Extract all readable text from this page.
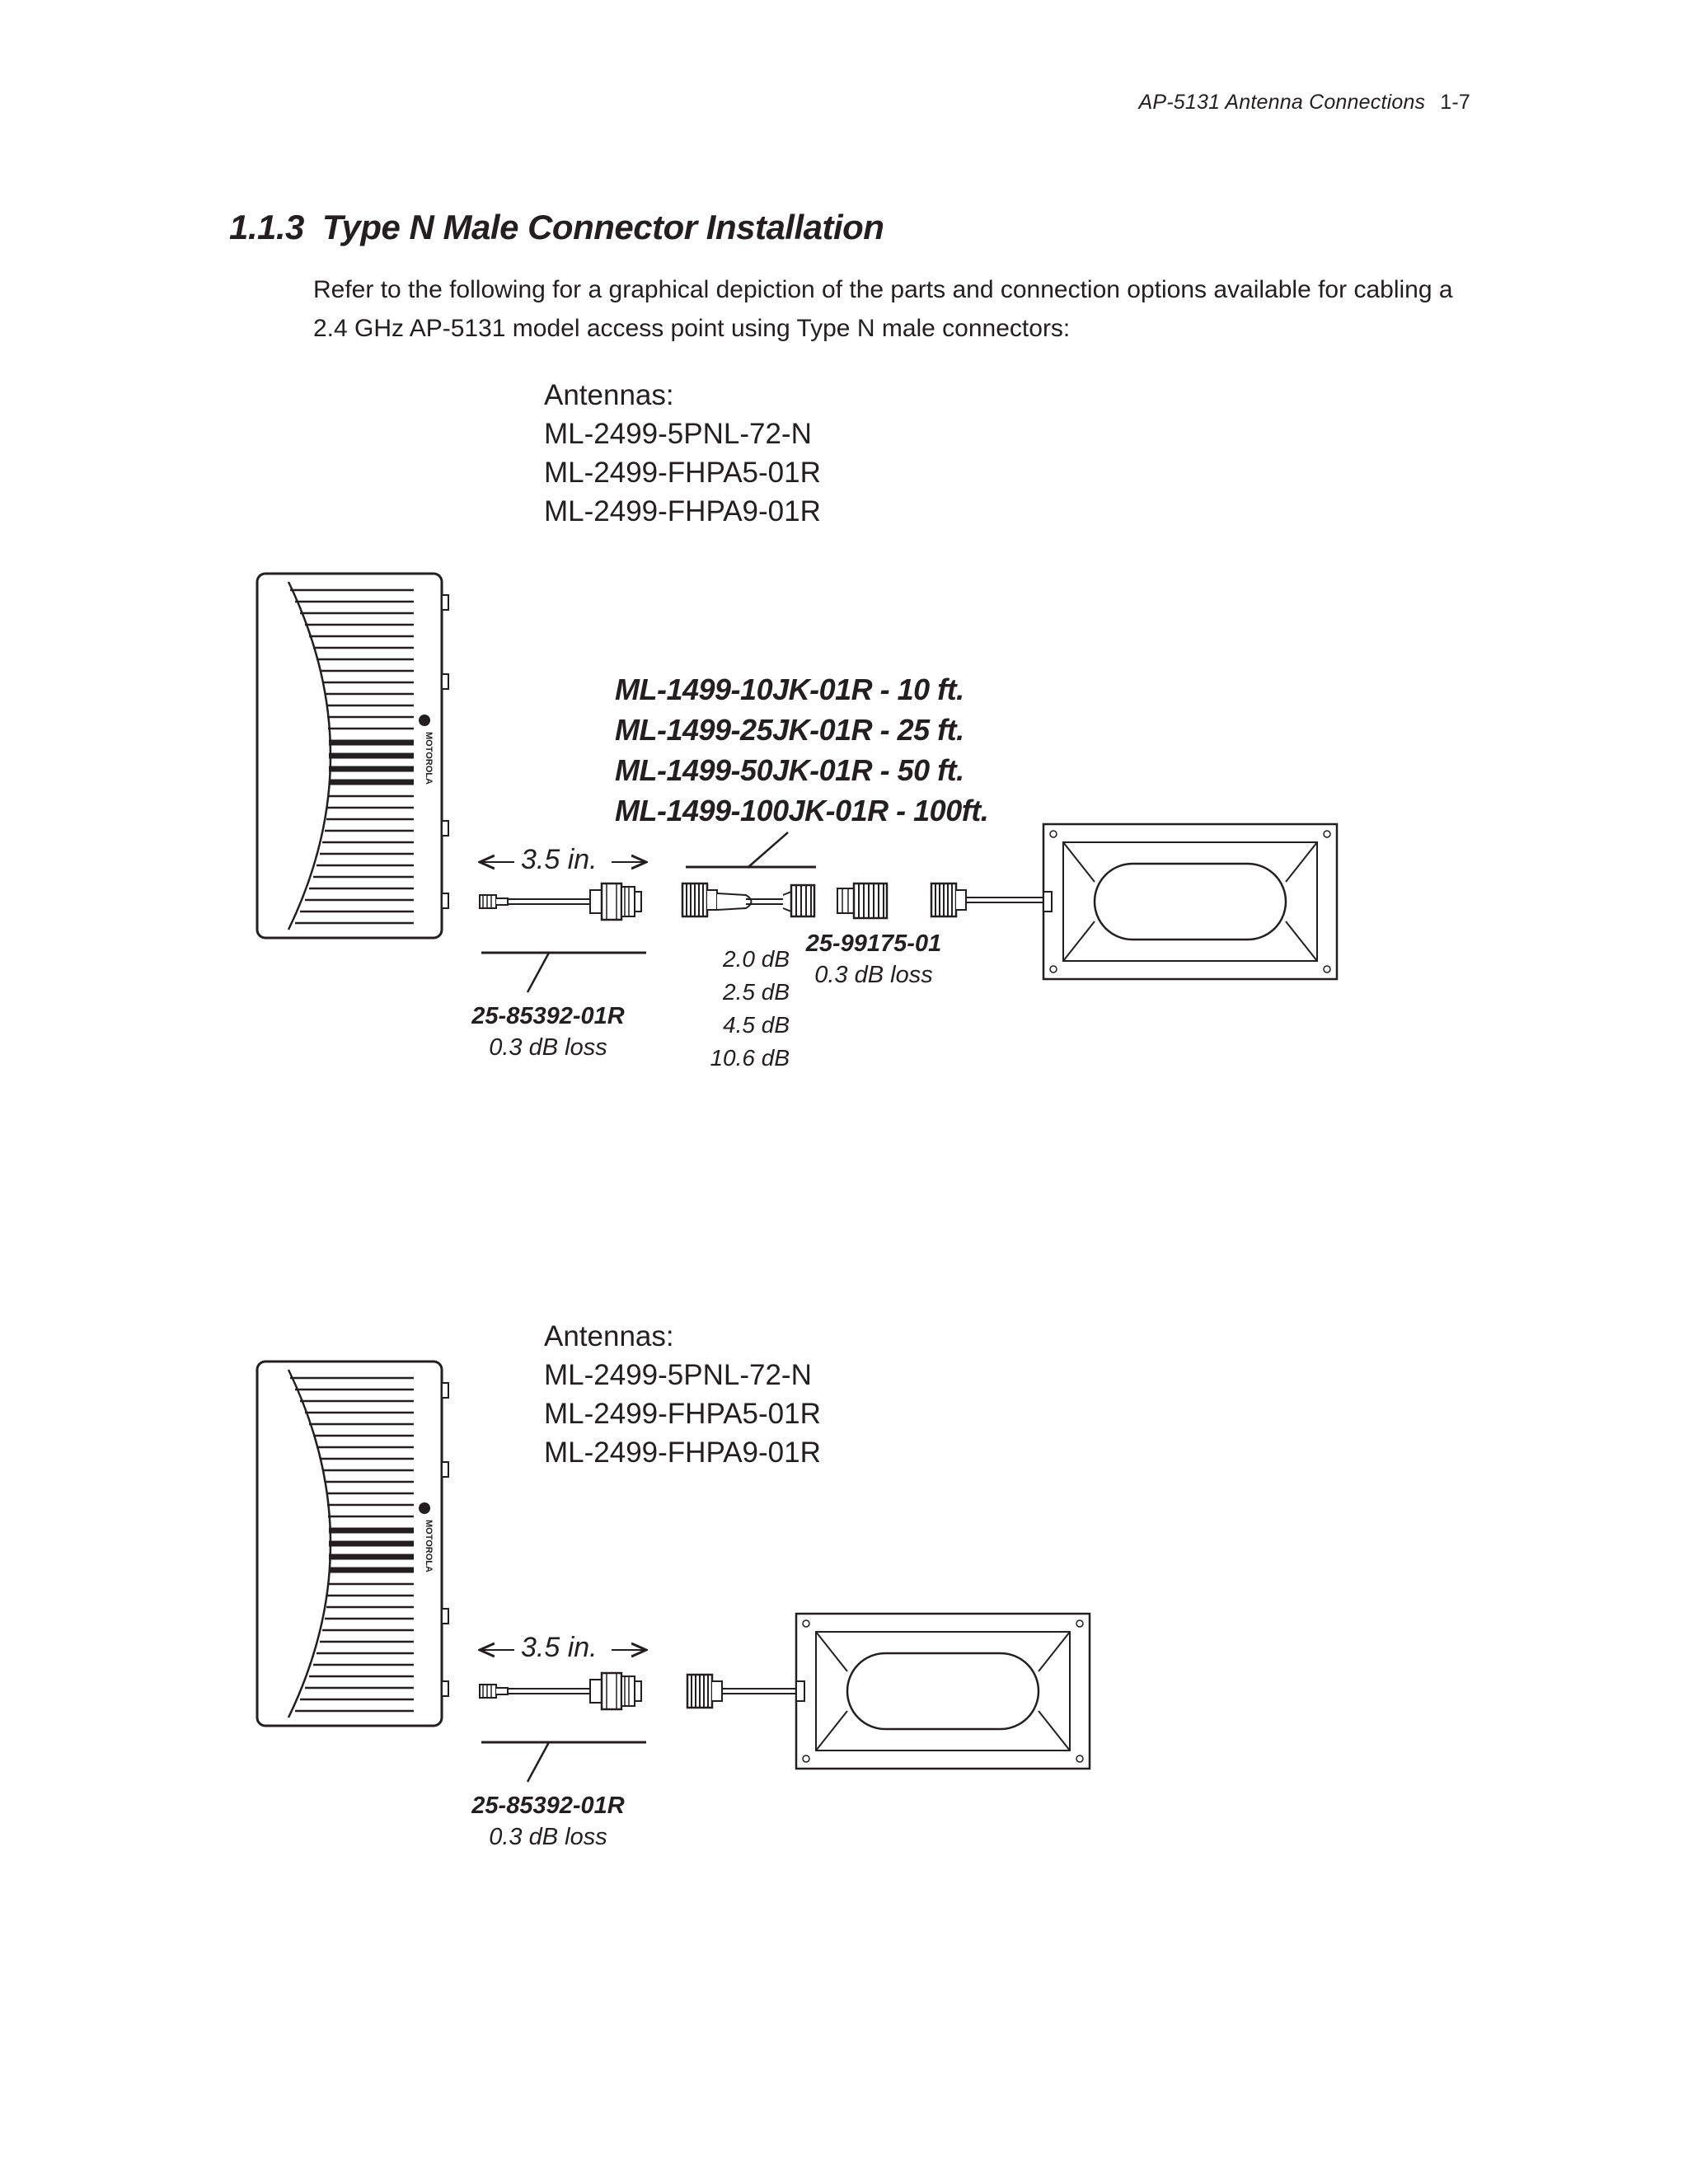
AP-5131 Antenna Connections 1-7
1.1.3 Type N Male Connector Installation
Refer to the following for a graphical depiction of the parts and connection options available for cabling a 2.4 GHz AP-5131 model access point using Type N male connectors:
Antennas:
ML-2499-5PNL-72-N
ML-2499-FHPA5-01R
ML-2499-FHPA9-01R
ML-1499-10JK-01R - 10 ft.
ML-1499-25JK-01R - 25 ft.
ML-1499-50JK-01R - 50 ft.
ML-1499-100JK-01R - 100ft.
3.5 in.
25-85392-01R
0.3 dB loss
2.0 dB
2.5 dB
4.5 dB
10.6 dB
25-99175-01
0.3 dB loss
Antennas:
ML-2499-5PNL-72-N
ML-2499-FHPA5-01R
ML-2499-FHPA9-01R
3.5 in.
25-85392-01R
0.3 dB loss
MOTOROLA
